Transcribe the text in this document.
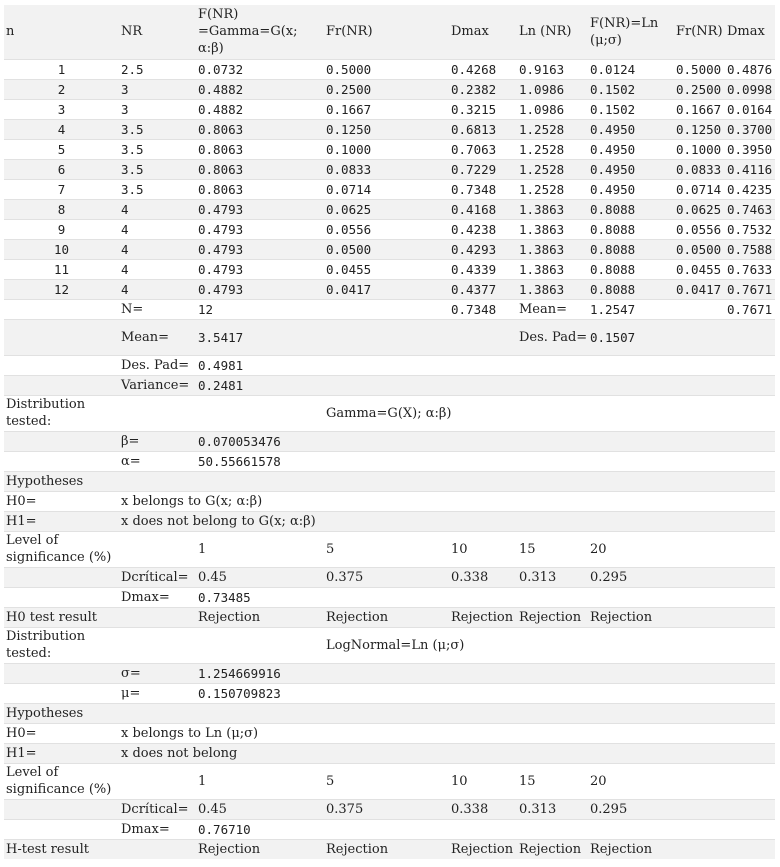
n	NR	F(NR) =Gamma=G(x; α:β)	Fr(NR)	Dmax	Ln (NR)	F(NR)=Ln (μ;σ)	Fr(NR)	Dmax
1	2.5	0.0732	0.5000	0.4268	0.9163	0.0124	0.5000	0.4876
2	3	0.4882	0.2500	0.2382	1.0986	0.1502	0.2500	0.0998
3	3	0.4882	0.1667	0.3215	1.0986	0.1502	0.1667	0.0164
4	3.5	0.8063	0.1250	0.6813	1.2528	0.4950	0.1250	0.3700
5	3.5	0.8063	0.1000	0.7063	1.2528	0.4950	0.1000	0.3950
6	3.5	0.8063	0.0833	0.7229	1.2528	0.4950	0.0833	0.4116
7	3.5	0.8063	0.0714	0.7348	1.2528	0.4950	0.0714	0.4235
8	4	0.4793	0.0625	0.4168	1.3863	0.8088	0.0625	0.7463
9	4	0.4793	0.0556	0.4238	1.3863	0.8088	0.0556	0.7532
10	4	0.4793	0.0500	0.4293	1.3863	0.8088	0.0500	0.7588
11	4	0.4793	0.0455	0.4339	1.3863	0.8088	0.0455	0.7633
12	4	0.4793	0.0417	0.4377	1.3863	0.8088	0.0417	0.7671
	N=	12		0.7348	Mean=	1.2547		0.7671
	Mean=	3.5417			Des. Pad=	0.1507		
	Des. Pad=	0.4981						
	Variance=	0.2481						
Distribution tested:			Gamma=G(X); α:β)					
	β=	0.070053476						
	α=	50.55661578						
Hypotheses								
H0=	x belongs to G(x; α:β)							
H1=	x does not belong to G(x; α:β)							
Level of significance (%)		1	5	10	15	20		
	Dcrítical=	0.45	0.375	0.338	0.313	0.295		
	Dmax=	0.73485						
H0 test result		Rejection	Rejection	Rejection	Rejection	Rejection		
Distribution tested:			LogNormal=Ln (μ;σ)					
	σ=	1.254669916						
	μ=	0.150709823						
Hypotheses								
H0=	x belongs to Ln (μ;σ)							
H1=	x does not belong							
Level of significance (%)		1	5	10	15	20		
	Dcrítical=	0.45	0.375	0.338	0.313	0.295		
	Dmax=	0.76710						
H-test result		Rejection	Rejection	Rejection	Rejection	Rejection		
